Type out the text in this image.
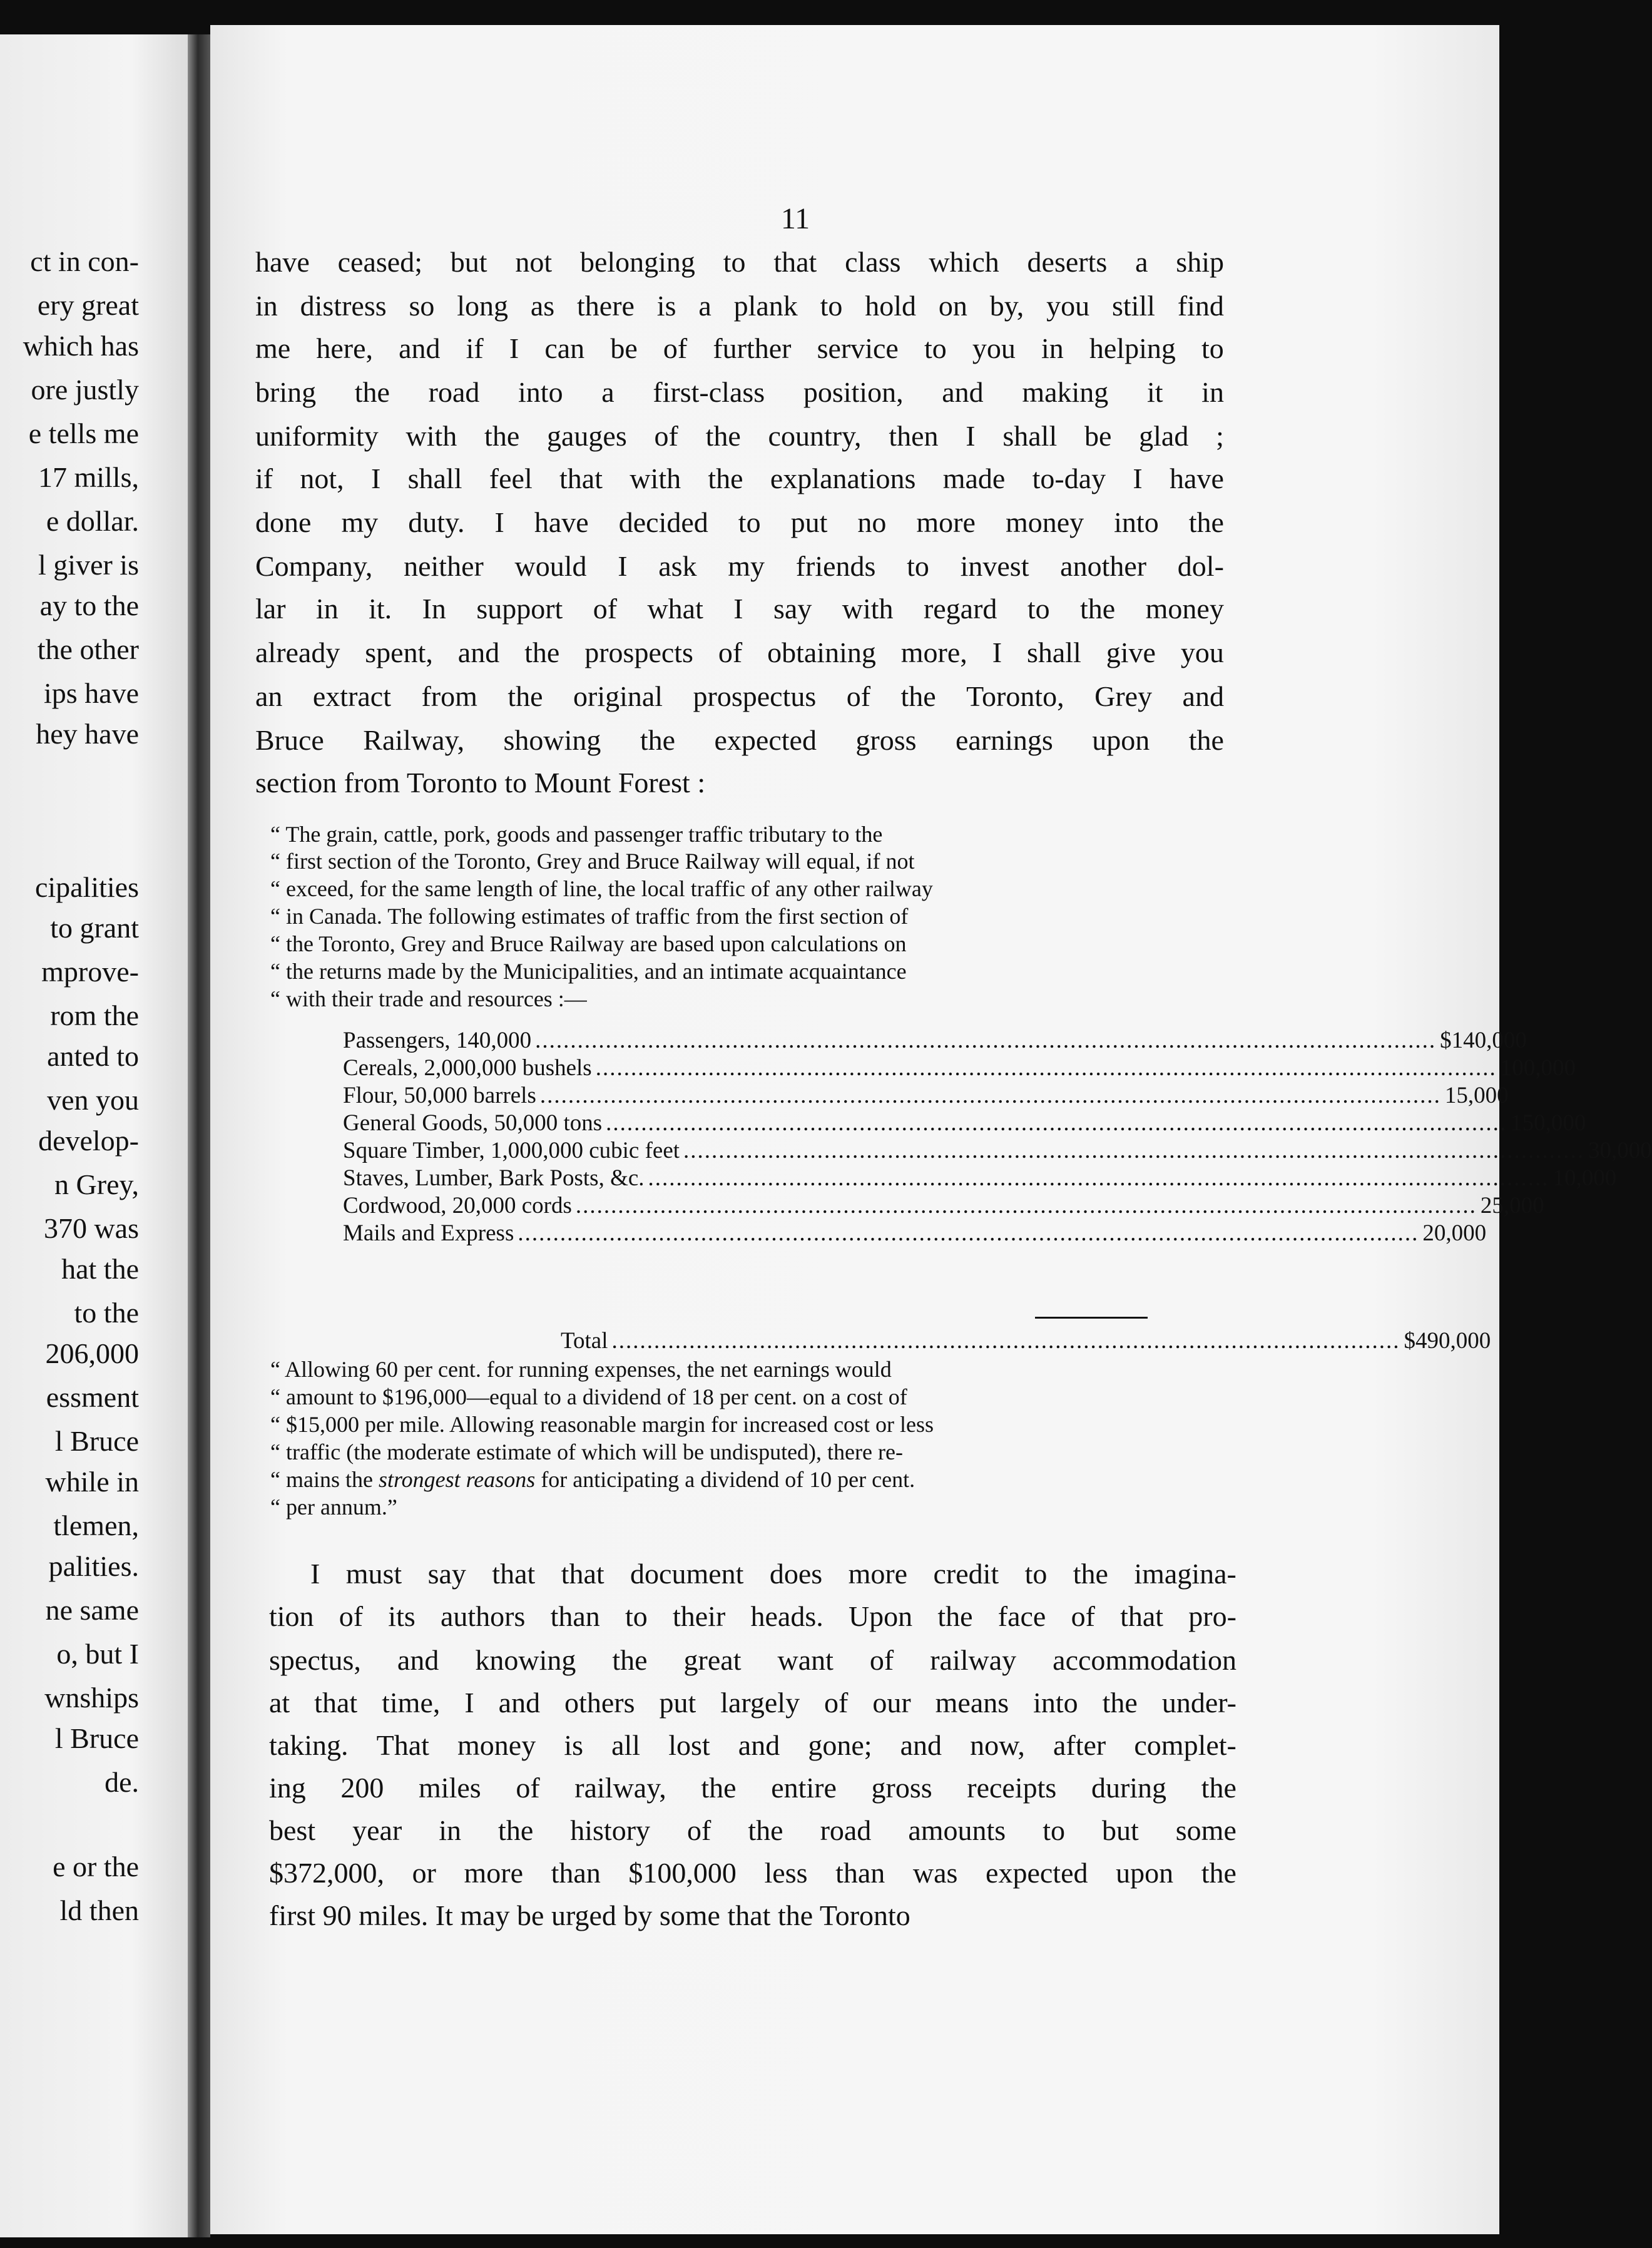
ct in con-
ery great
which has
ore justly
e tells me
17 mills,
e dollar.
l giver is
ay to the
the other
ips have
hey have
cipalities
to grant
mprove-
rom the
anted to
ven you
develop-
n Grey,
370 was
hat the
to the
206,000
essment
l Bruce
while in
tlemen,
palities.
ne same
o, but I
wnships
l Bruce
de.
e or the
ld then
11
have ceased; but not belonging to that class which deserts a ship
in distress so long as there is a plank to hold on by, you still find
me here, and if I can be of further service to you in helping to
bring the road into a first-class position, and making it in
uniformity with the gauges of the country, then I shall be glad ;
if not, I shall feel that with the explanations made to-day I have
done my duty. I have decided to put no more money into the
Company, neither would I ask my friends to invest another dol-
lar in it. In support of what I say with regard to the money
already spent, and the prospects of obtaining more, I shall give you
an extract from the original prospectus of the Toronto, Grey and
Bruce Railway, showing the expected gross earnings upon the
section from Toronto to Mount Forest :
“ The grain, cattle, pork, goods and passenger traffic tributary to the
“ first section of the Toronto, Grey and Bruce Railway will equal, if not
“ exceed, for the same length of line, the local traffic of any other railway
“ in Canada. The following estimates of traffic from the first section of
“ the Toronto, Grey and Bruce Railway are based upon calculations on
“ the returns made by the Municipalities, and an intimate acquaintance
“ with their trade and resources :—
Passengers, 140,000 ................................................................................................................................ $140,000
Cereals, 2,000,000 bushels ................................................................................................................................ 100,000
Flour, 50,000 barrels ................................................................................................................................ 15,000
General Goods, 50,000 tons ................................................................................................................................ 150,000
Square Timber, 1,000,000 cubic feet ................................................................................................................................ 30,000
Staves, Lumber, Bark Posts, &c. ................................................................................................................................ 10,000
Cordwood, 20,000 cords ................................................................................................................................ 25,000
Mails and Express ................................................................................................................................ 20,000
Total ................................................................................................................ $490,000
“ Allowing 60 per cent. for running expenses, the net earnings would
“ amount to $196,000—equal to a dividend of 18 per cent. on a cost of
“ $15,000 per mile. Allowing reasonable margin for increased cost or less
“ traffic (the moderate estimate of which will be undisputed), there re-
“ mains the strongest reasons for anticipating a dividend of 10 per cent.
“ per annum.”
I must say that that document does more credit to the imagina-
tion of its authors than to their heads. Upon the face of that pro-
spectus, and knowing the great want of railway accommodation
at that time, I and others put largely of our means into the under-
taking. That money is all lost and gone; and now, after complet-
ing 200 miles of railway, the entire gross receipts during the
best year in the history of the road amounts to but some
$372,000, or more than $100,000 less than was expected upon the
first 90 miles. It may be urged by some that the Toronto
